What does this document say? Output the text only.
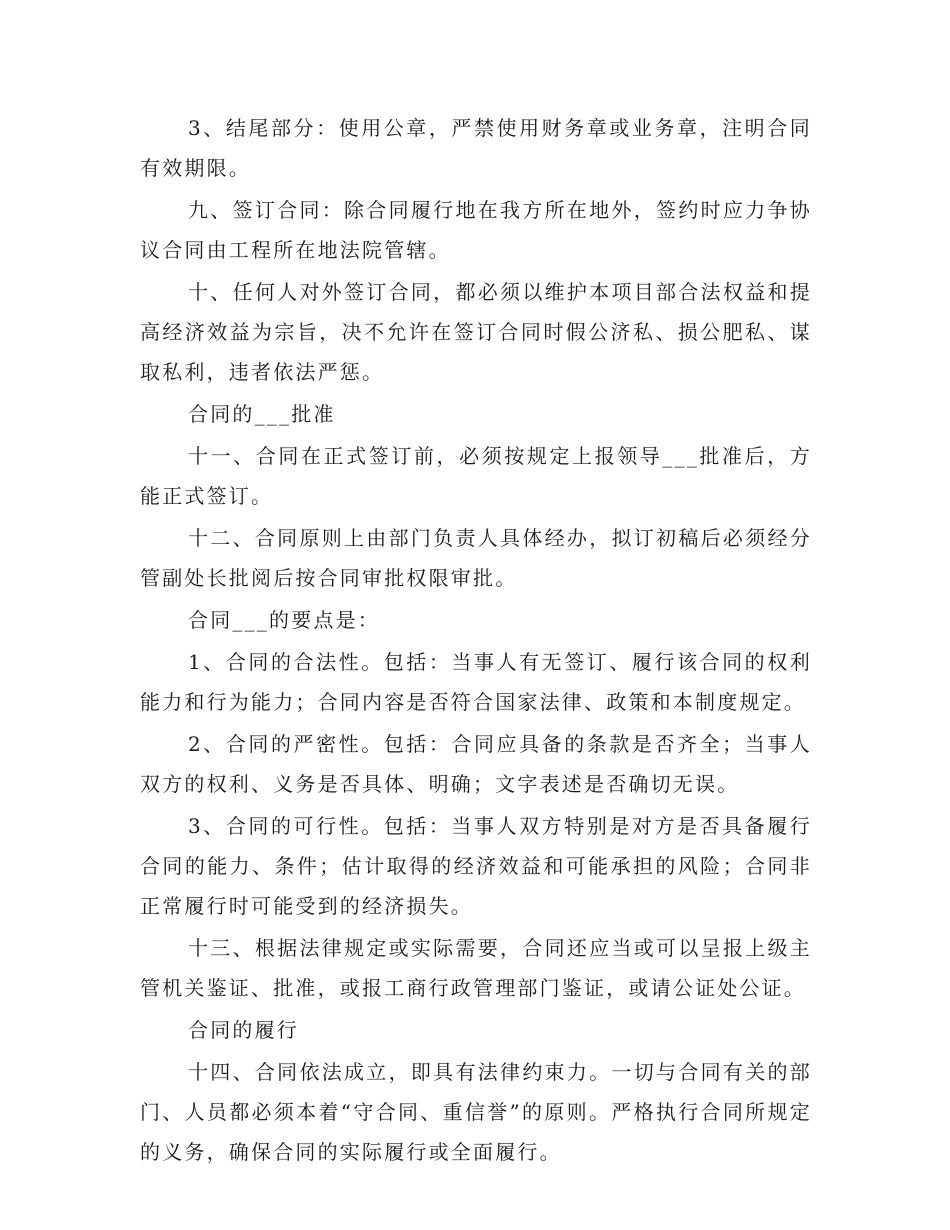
3、结尾部分：使用公章，严禁使用财务章或业务章，注明合同有效期限。

九、签订合同：除合同履行地在我方所在地外，签约时应力争协议合同由工程所在地法院管辖。

十、任何人对外签订合同，都必须以维护本项目部合法权益和提高经济效益为宗旨，决不允许在签订合同时假公济私、损公肥私、谋取私利，违者依法严惩。

合同的___批准

十一、合同在正式签订前，必须按规定上报领导___批准后，方能正式签订。

十二、合同原则上由部门负责人具体经办，拟订初稿后必须经分管副处长批阅后按合同审批权限审批。

合同___的要点是：

1、合同的合法性。包括：当事人有无签订、履行该合同的权利能力和行为能力；合同内容是否符合国家法律、政策和本制度规定。

2、合同的严密性。包括：合同应具备的条款是否齐全；当事人双方的权利、义务是否具体、明确；文字表述是否确切无误。

3、合同的可行性。包括：当事人双方特别是对方是否具备履行合同的能力、条件；估计取得的经济效益和可能承担的风险；合同非正常履行时可能受到的经济损失。

十三、根据法律规定或实际需要，合同还应当或可以呈报上级主管机关鉴证、批准，或报工商行政管理部门鉴证，或请公证处公证。

合同的履行

十四、合同依法成立，即具有法律约束力。一切与合同有关的部门、人员都必须本着“守合同、重信誉”的原则。严格执行合同所规定的义务，确保合同的实际履行或全面履行。
